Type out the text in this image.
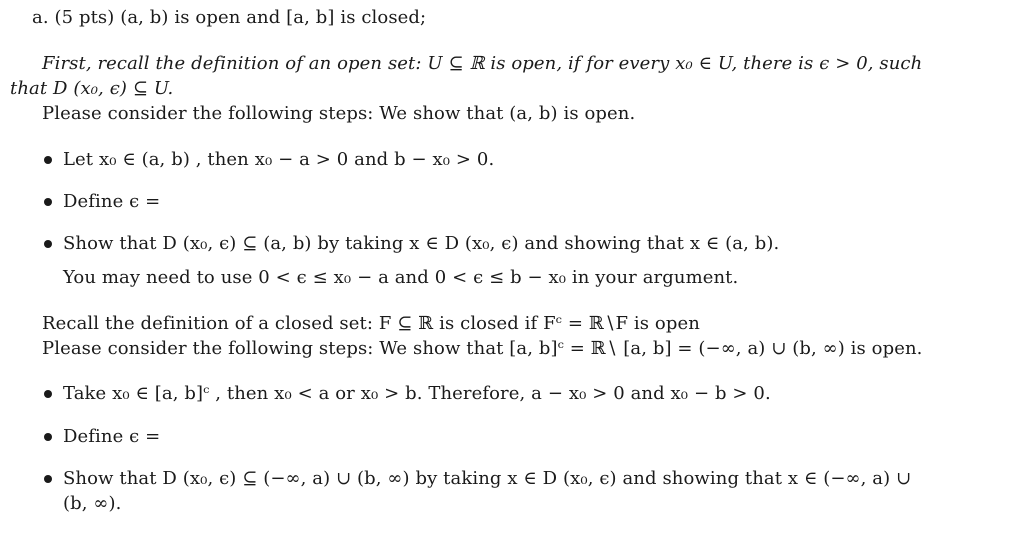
a. (5 pts) (a, b) is open and [a, b] is closed;
First, recall the definition of an open set: U ⊆ ℝ is open, if for every x₀ ∈ U, there is ϵ > 0, such
that D (x₀, ϵ) ⊆ U.
Please consider the following steps: We show that (a, b) is open.
Let x₀ ∈ (a, b) , then x₀ − a > 0 and b − x₀ > 0.
Define ϵ =
Show that D (x₀, ϵ) ⊆ (a, b) by taking x ∈ D (x₀, ϵ) and showing that x ∈ (a, b).
You may need to use 0 < ϵ ≤ x₀ − a and 0 < ϵ ≤ b − x₀ in your argument.
Recall the definition of a closed set: F ⊆ ℝ is closed if Fᶜ = ℝ∖F is open
Please consider the following steps: We show that [a, b]ᶜ = ℝ∖ [a, b] = (−∞, a) ∪ (b, ∞) is open.
Take x₀ ∈ [a, b]ᶜ , then x₀ < a or x₀ > b. Therefore, a − x₀ > 0 and x₀ − b > 0.
Define ϵ =
Show that D (x₀, ϵ) ⊆ (−∞, a) ∪ (b, ∞) by taking x ∈ D (x₀, ϵ) and showing that x ∈ (−∞, a) ∪
(b, ∞).
